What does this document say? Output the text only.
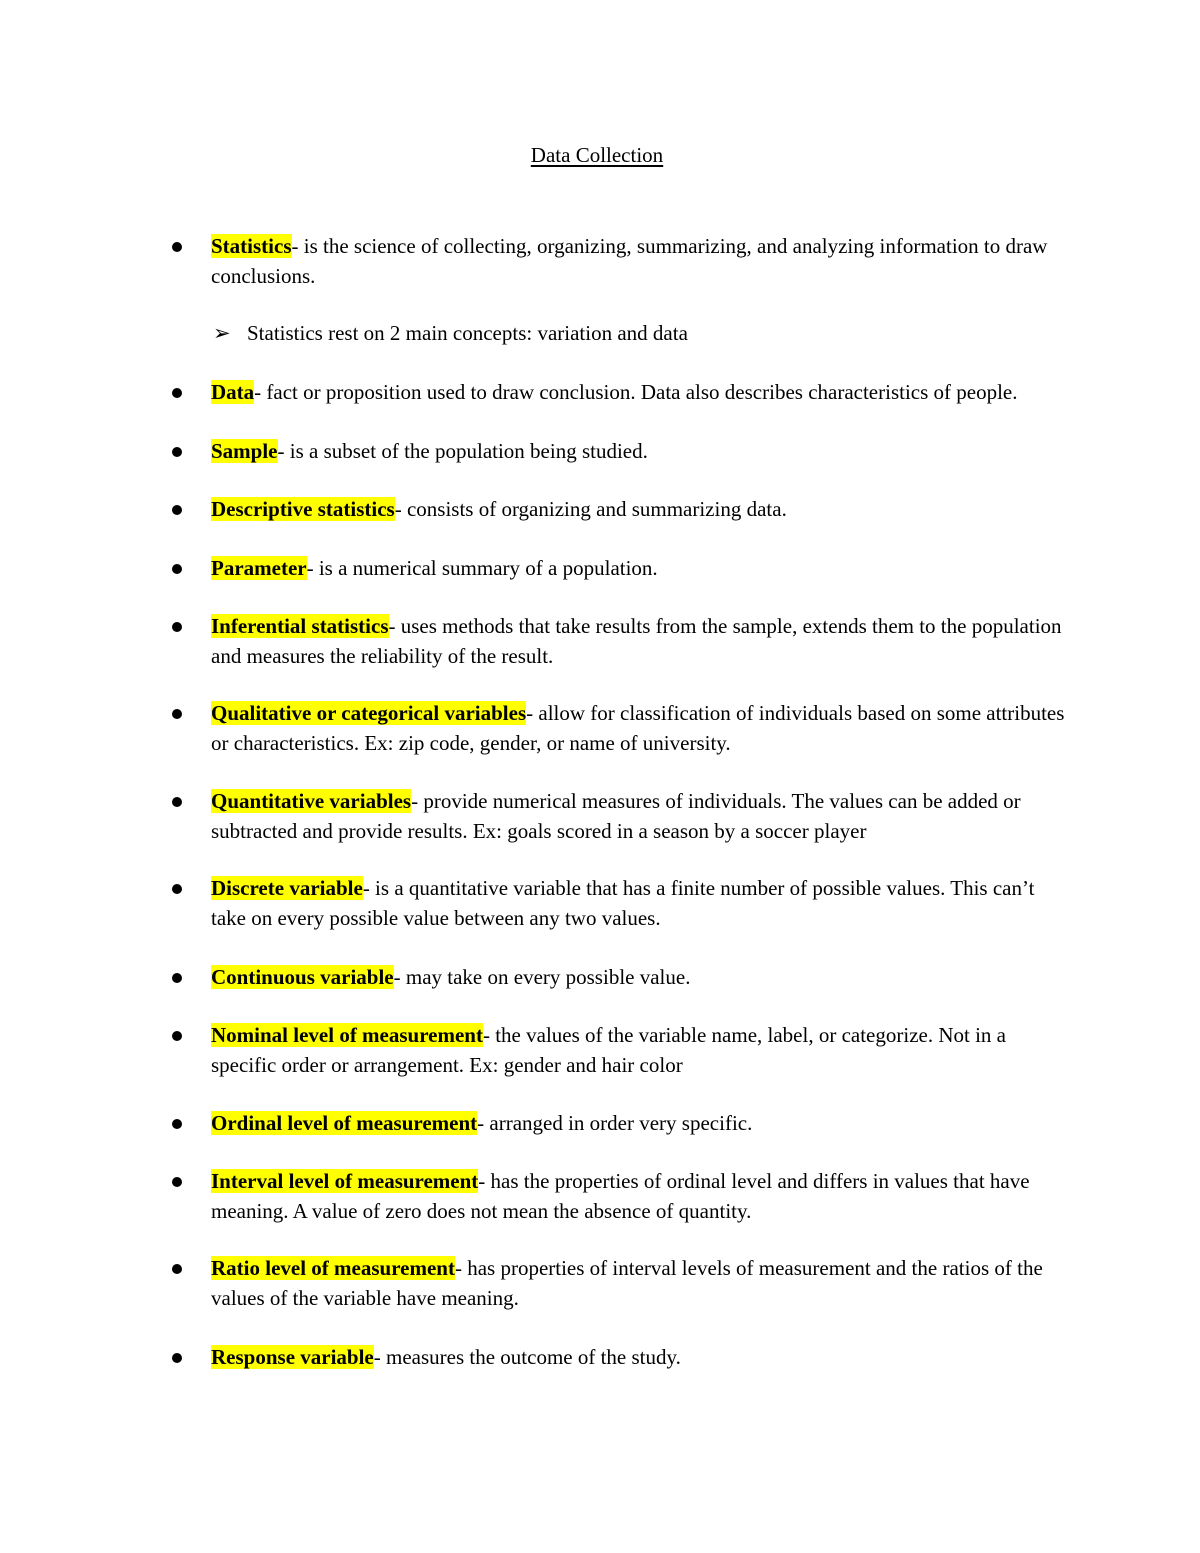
Data Collection
Statistics- is the science of collecting, organizing, summarizing, and analyzing information to draw conclusions.
➢ Statistics rest on 2 main concepts: variation and data
Data- fact or proposition used to draw conclusion. Data also describes characteristics of people.
Sample- is a subset of the population being studied.
Descriptive statistics- consists of organizing and summarizing data.
Parameter- is a numerical summary of a population.
Inferential statistics- uses methods that take results from the sample, extends them to the population and measures the reliability of the result.
Qualitative or categorical variables- allow for classification of individuals based on some attributes or characteristics. Ex: zip code, gender, or name of university.
Quantitative variables- provide numerical measures of individuals. The values can be added or subtracted and provide results. Ex: goals scored in a season by a soccer player
Discrete variable- is a quantitative variable that has a finite number of possible values. This can’t take on every possible value between any two values.
Continuous variable- may take on every possible value.
Nominal level of measurement- the values of the variable name, label, or categorize. Not in a specific order or arrangement. Ex: gender and hair color
Ordinal level of measurement- arranged in order very specific.
Interval level of measurement- has the properties of ordinal level and differs in values that have meaning. A value of zero does not mean the absence of quantity.
Ratio level of measurement- has properties of interval levels of measurement and the ratios of the values of the variable have meaning.
Response variable- measures the outcome of the study.
